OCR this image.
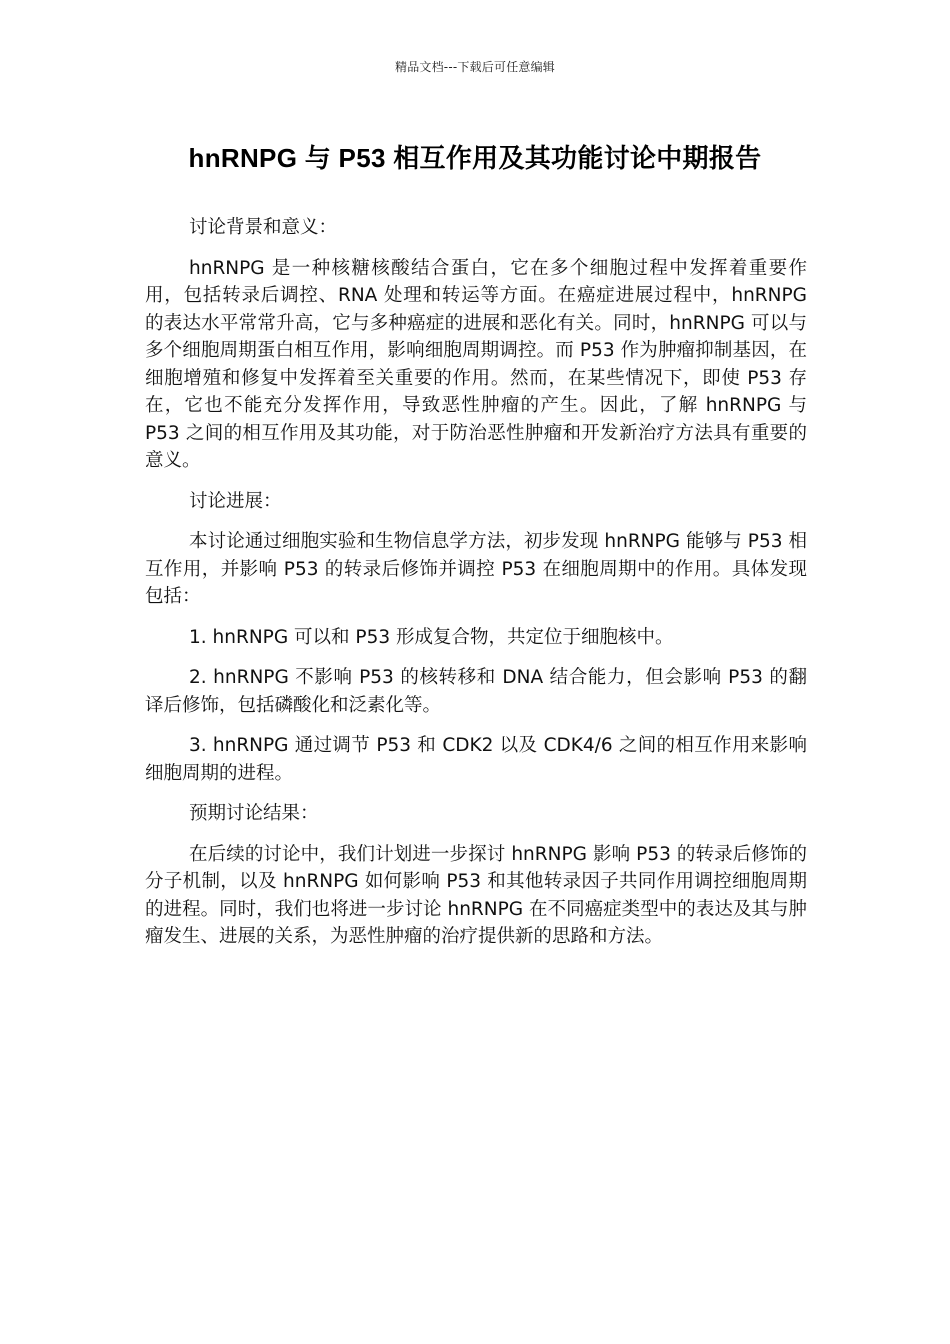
精品文档---下载后可任意编辑
hnRNPG 与 P53 相互作用及其功能讨论中期报告

讨论背景和意义：

hnRNPG 是一种核糖核酸结合蛋白，它在多个细胞过程中发挥着重要作用，包括转录后调控、RNA 处理和转运等方面。在癌症进展过程中，hnRNPG 的表达水平常常升高，它与多种癌症的进展和恶化有关。同时，hnRNPG 可以与多个细胞周期蛋白相互作用，影响细胞周期调控。而 P53 作为肿瘤抑制基因，在细胞增殖和修复中发挥着至关重要的作用。然而，在某些情况下，即使 P53 存在，它也不能充分发挥作用，导致恶性肿瘤的产生。因此，了解 hnRNPG 与 P53 之间的相互作用及其功能，对于防治恶性肿瘤和开发新治疗方法具有重要的意义。

讨论进展：

本讨论通过细胞实验和生物信息学方法，初步发现 hnRNPG 能够与 P53 相互作用，并影响 P53 的转录后修饰并调控 P53 在细胞周期中的作用。具体发现包括：

1. hnRNPG 可以和 P53 形成复合物，共定位于细胞核中。

2. hnRNPG 不影响 P53 的核转移和 DNA 结合能力，但会影响 P53 的翻译后修饰，包括磷酸化和泛素化等。

3. hnRNPG 通过调节 P53 和 CDK2 以及 CDK4/6 之间的相互作用来影响细胞周期的进程。

预期讨论结果：

在后续的讨论中，我们计划进一步探讨 hnRNPG 影响 P53 的转录后修饰的分子机制，以及 hnRNPG 如何影响 P53 和其他转录因子共同作用调控细胞周期的进程。同时，我们也将进一步讨论 hnRNPG 在不同癌症类型中的表达及其与肿瘤发生、进展的关系，为恶性肿瘤的治疗提供新的思路和方法。
